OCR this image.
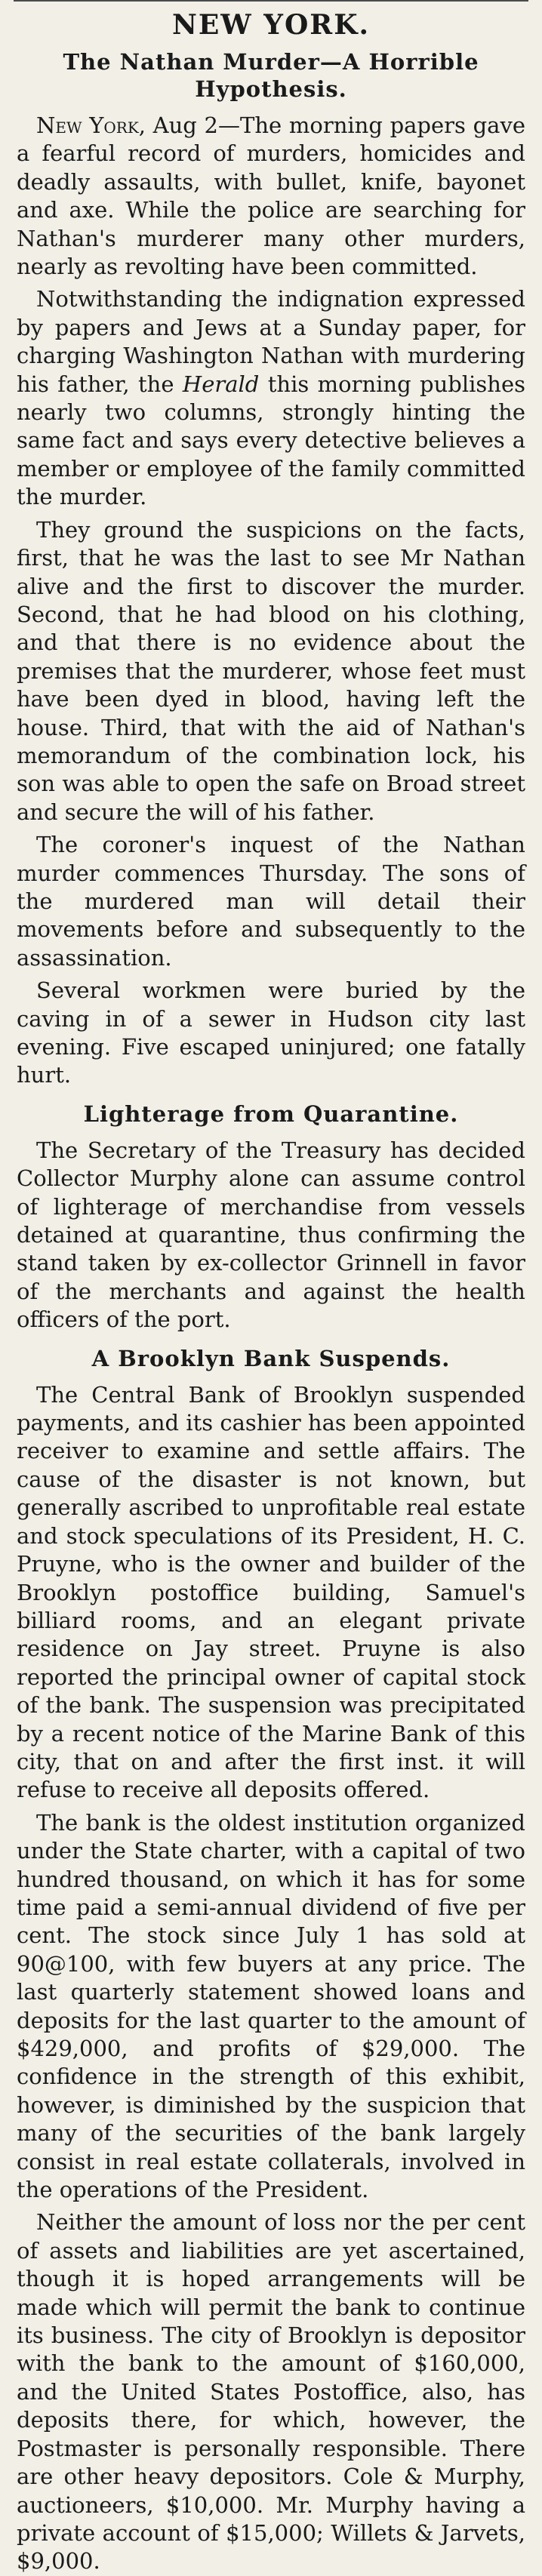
NEW YORK.
The Nathan Murder—A Horrible Hypothesis.

New York, Aug 2—The morning papers gave a fearful record of murders, homicides and deadly assaults, with bullet, knife, bayonet and axe. While the police are searching for Nathan's murderer many other murders, nearly as revolting have been committed.

Notwithstanding the indignation expressed by papers and Jews at a Sunday paper, for charging Washington Nathan with murdering his father, the Herald this morning publishes nearly two columns, strongly hinting the same fact and says every detective believes a member or employee of the family committed the murder.

They ground the suspicions on the facts, first, that he was the last to see Mr Nathan alive and the first to discover the murder. Second, that he had blood on his clothing, and that there is no evidence about the premises that the murderer, whose feet must have been dyed in blood, having left the house. Third, that with the aid of Nathan's memorandum of the combination lock, his son was able to open the safe on Broad street and secure the will of his father.

The coroner's inquest of the Nathan murder commences Thursday. The sons of the murdered man will detail their movements before and subsequently to the assassination.

Several workmen were buried by the caving in of a sewer in Hudson city last evening. Five escaped uninjured; one fatally hurt.

Lighterage from Quarantine.

The Secretary of the Treasury has decided Collector Murphy alone can assume control of lighterage of merchandise from vessels detained at quarantine, thus confirming the stand taken by ex-collector Grinnell in favor of the merchants and against the health officers of the port.

A Brooklyn Bank Suspends.

The Central Bank of Brooklyn suspended payments, and its cashier has been appointed receiver to examine and settle affairs. The cause of the disaster is not known, but generally ascribed to unprofitable real estate and stock speculations of its President, H. C. Pruyne, who is the owner and builder of the Brooklyn postoffice building, Samuel's billiard rooms, and an elegant private residence on Jay street. Pruyne is also reported the principal owner of capital stock of the bank. The suspension was precipitated by a recent notice of the Marine Bank of this city, that on and after the first inst. it will refuse to receive all deposits offered.

The bank is the oldest institution organized under the State charter, with a capital of two hundred thousand, on which it has for some time paid a semi-annual dividend of five per cent. The stock since July 1 has sold at 90@100, with few buyers at any price. The last quarterly statement showed loans and deposits for the last quarter to the amount of $429,000, and profits of $29,000. The confidence in the strength of this exhibit, however, is diminished by the suspicion that many of the securities of the bank largely consist in real estate collaterals, involved in the operations of the President.

Neither the amount of loss nor the per cent of assets and liabilities are yet ascertained, though it is hoped arrangements will be made which will permit the bank to continue its business. The city of Brooklyn is depositor with the bank to the amount of $160,000, and the United States Postoffice, also, has deposits there, for which, however, the Postmaster is personally responsible. There are other heavy depositors. Cole & Murphy, auctioneers, $10,000. Mr. Murphy having a private account of $15,000; Willets & Jarvets, $9,000.
